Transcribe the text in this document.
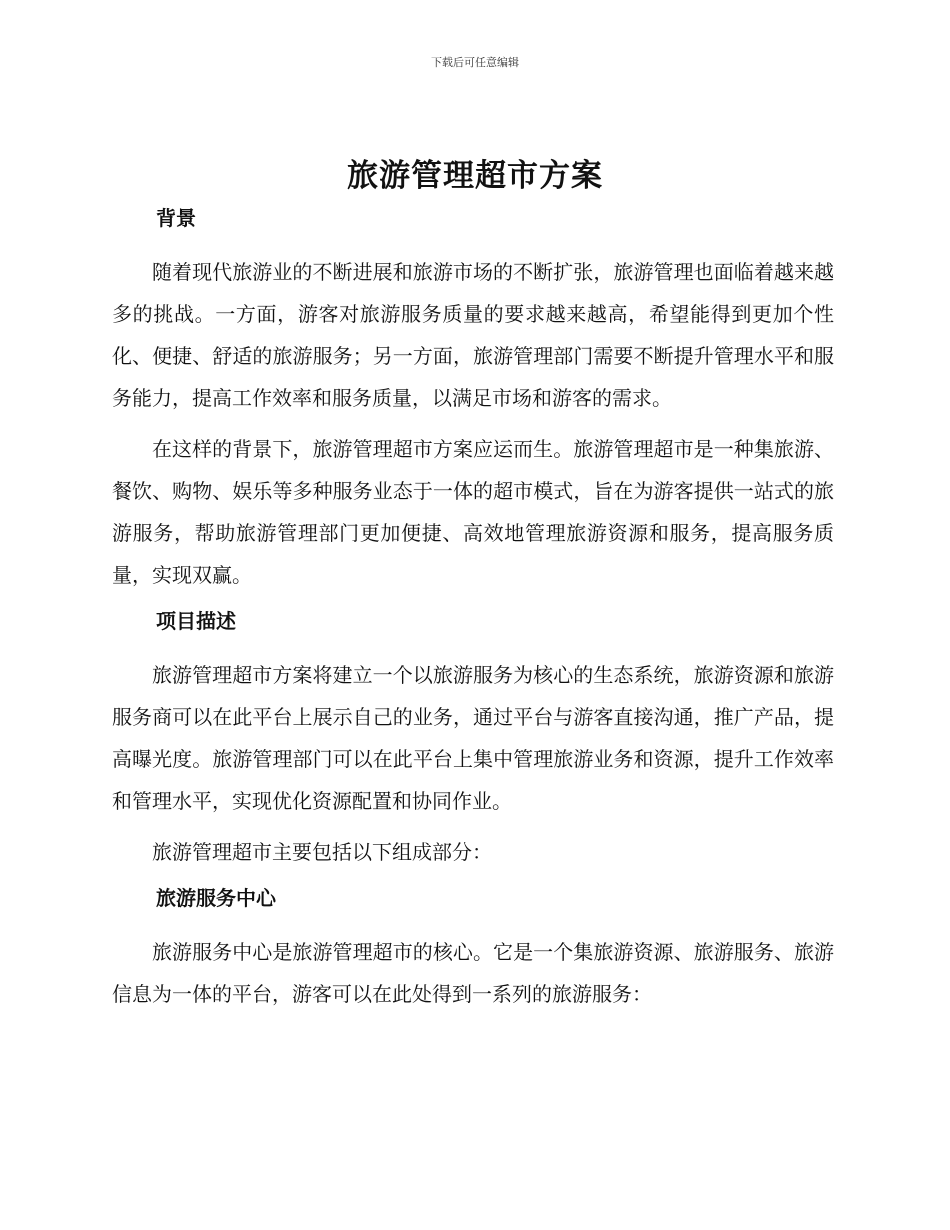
下载后可任意编辑
旅游管理超市方案
背景

随着现代旅游业的不断进展和旅游市场的不断扩张，旅游管理也面临着越来越多的挑战。一方面，游客对旅游服务质量的要求越来越高，希望能得到更加个性化、便捷、舒适的旅游服务；另一方面，旅游管理部门需要不断提升管理水平和服务能力，提高工作效率和服务质量，以满足市场和游客的需求。

在这样的背景下，旅游管理超市方案应运而生。旅游管理超市是一种集旅游、餐饮、购物、娱乐等多种服务业态于一体的超市模式，旨在为游客提供一站式的旅游服务，帮助旅游管理部门更加便捷、高效地管理旅游资源和服务，提高服务质量，实现双赢。

项目描述

旅游管理超市方案将建立一个以旅游服务为核心的生态系统，旅游资源和旅游服务商可以在此平台上展示自己的业务，通过平台与游客直接沟通，推广产品，提高曝光度。旅游管理部门可以在此平台上集中管理旅游业务和资源，提升工作效率和管理水平，实现优化资源配置和协同作业。

旅游管理超市主要包括以下组成部分：

旅游服务中心

旅游服务中心是旅游管理超市的核心。它是一个集旅游资源、旅游服务、旅游信息为一体的平台，游客可以在此处得到一系列的旅游服务：
